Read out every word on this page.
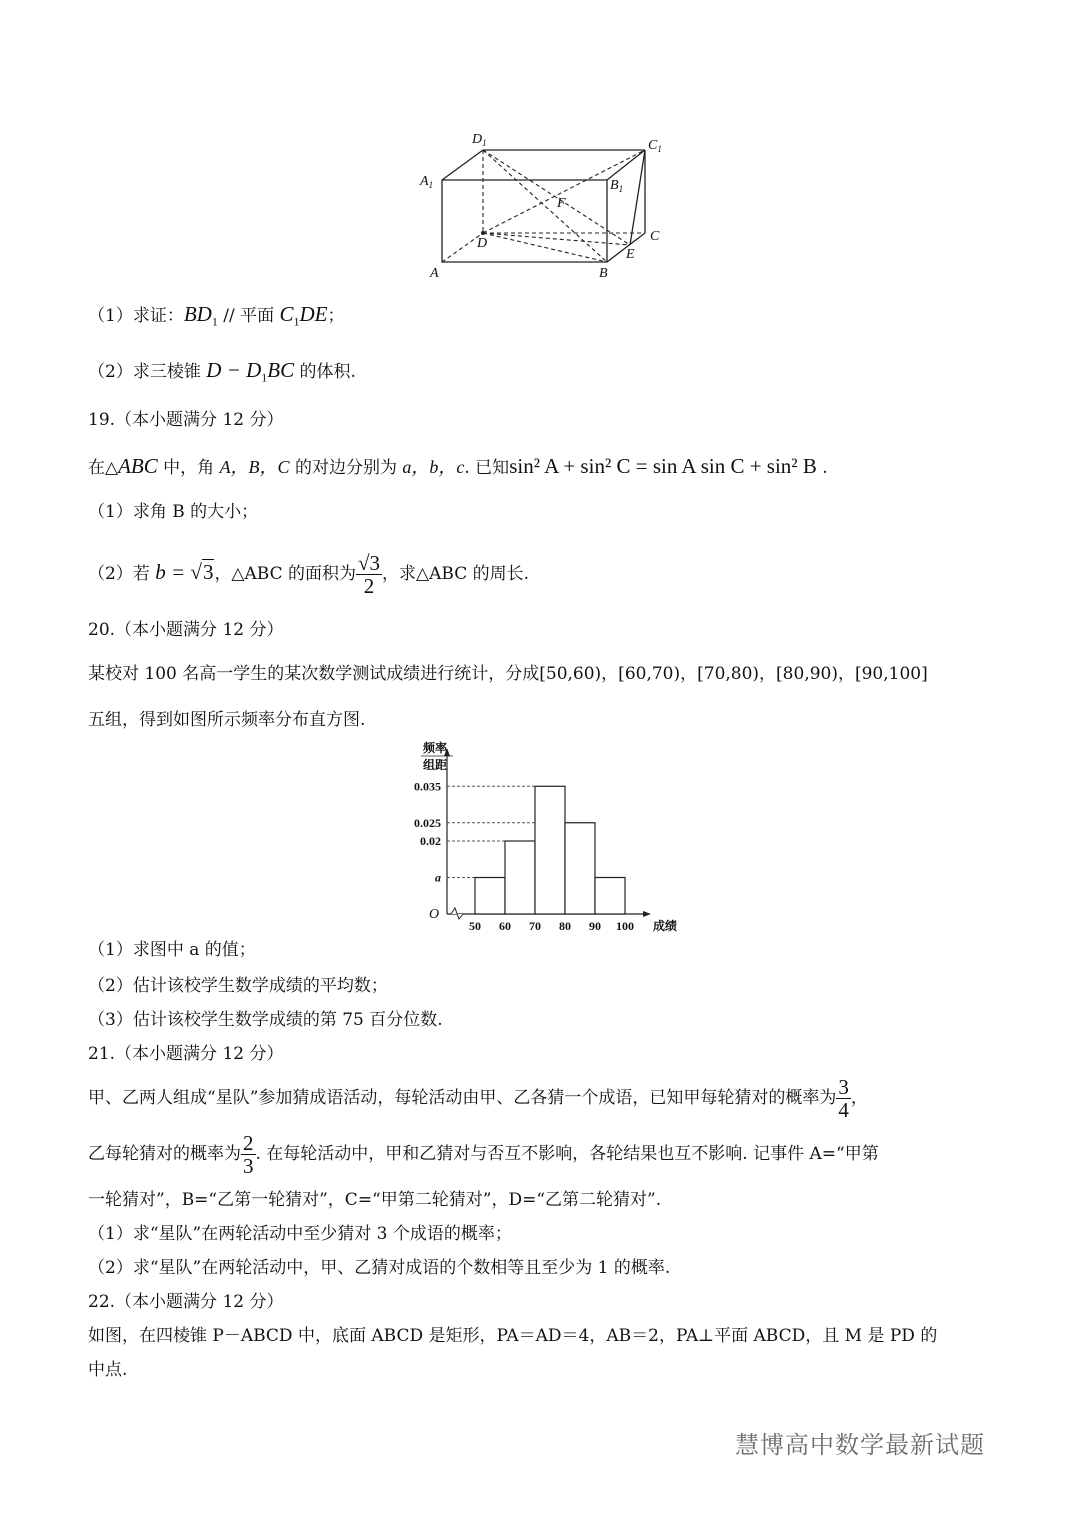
$D_1$	$C_1$
$A_1$	$B_1$
F
D	C
E
A	B
（1）求证：$BD_1$ // 平面 $C_1DE$；
（2）求三棱锥 $D - D_1BC$ 的体积.
19.（本小题满分 12 分）
在△ABC 中，角 A，B，C 的对边分别为 a，b，c. 已知sin² A + sin² C = sin A sin C + sin² B .
（1）求角 B 的大小；
（2）若 b = √3，△ABC 的面积为 $\frac{√3}{2}$ ，求△ABC 的周长.
20.（本小题满分 12 分）
某校对 100 名高一学生的某次数学测试成绩进行统计，分成[50,60)，[60,70)，[70,80)，[80,90)，[90,100]
五组，得到如图所示频率分布直方图.
0.035
0.025
0.02
a
50 60 70 80 90 100 成绩
O
频率
组距
（1）求图中 a 的值；
（2）估计该校学生数学成绩的平均数；
（3）估计该校学生数学成绩的第 75 百分位数.
21.（本小题满分 12 分）
甲、乙两人组成“星队”参加猜成语活动，每轮活动由甲、乙各猜一个成语，已知甲每轮猜对的概率为 $\frac{3}{4}$ ，
乙每轮猜对的概率为 $\frac{2}{3}$ . 在每轮活动中，甲和乙猜对与否互不影响，各轮结果也互不影响. 记事件 A=“甲第
一轮猜对”，B=“乙第一轮猜对”，C=“甲第二轮猜对”，D=“乙第二轮猜对”.
（1）求“星队”在两轮活动中至少猜对 3 个成语的概率；
（2）求“星队”在两轮活动中，甲、乙猜对成语的个数相等且至少为 1 的概率.
22.（本小题满分 12 分）
如图，在四棱锥 P－ABCD 中，底面 ABCD 是矩形，PA＝AD＝4，AB＝2，PA⊥平面 ABCD，且 M 是 PD 的
中点.
慧博高中数学最新试题
